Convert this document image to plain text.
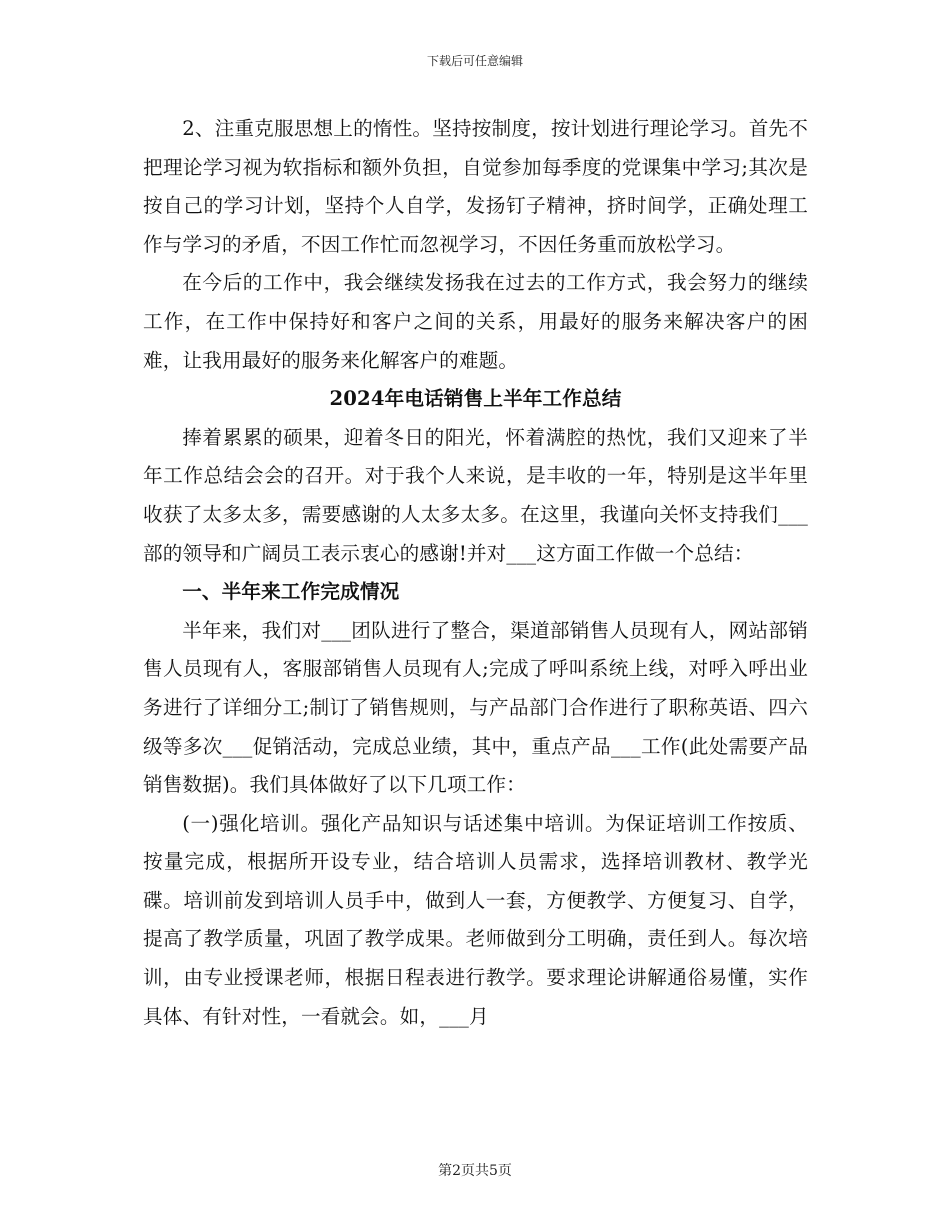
下载后可任意编辑

2、注重克服思想上的惰性。坚持按制度，按计划进行理论学习。首先不把理论学习视为软指标和额外负担，自觉参加每季度的党课集中学习;其次是按自己的学习计划，坚持个人自学，发扬钉子精神，挤时间学，正确处理工作与学习的矛盾，不因工作忙而忽视学习，不因任务重而放松学习。

在今后的工作中，我会继续发扬我在过去的工作方式，我会努力的继续工作，在工作中保持好和客户之间的关系，用最好的服务来解决客户的困难，让我用最好的服务来化解客户的难题。

2024年电话销售上半年工作总结

捧着累累的硕果，迎着冬日的阳光，怀着满腔的热忱，我们又迎来了半年工作总结会会的召开。对于我个人来说，是丰收的一年，特别是这半年里收获了太多太多，需要感谢的人太多太多。在这里，我谨向关怀支持我们___部的领导和广阔员工表示衷心的感谢!并对___这方面工作做一个总结：

一、半年来工作完成情况

半年来，我们对___团队进行了整合，渠道部销售人员现有人，网站部销售人员现有人，客服部销售人员现有人;完成了呼叫系统上线，对呼入呼出业务进行了详细分工;制订了销售规则，与产品部门合作进行了职称英语、四六级等多次___促销活动，完成总业绩，其中，重点产品___工作(此处需要产品销售数据)。我们具体做好了以下几项工作：

(一)强化培训。强化产品知识与话述集中培训。为保证培训工作按质、按量完成，根据所开设专业，结合培训人员需求，选择培训教材、教学光碟。培训前发到培训人员手中，做到人一套，方便教学、方便复习、自学，提高了教学质量，巩固了教学成果。老师做到分工明确，责任到人。每次培训，由专业授课老师，根据日程表进行教学。要求理论讲解通俗易懂，实作具体、有针对性，一看就会。如，___月

第2页共5页
